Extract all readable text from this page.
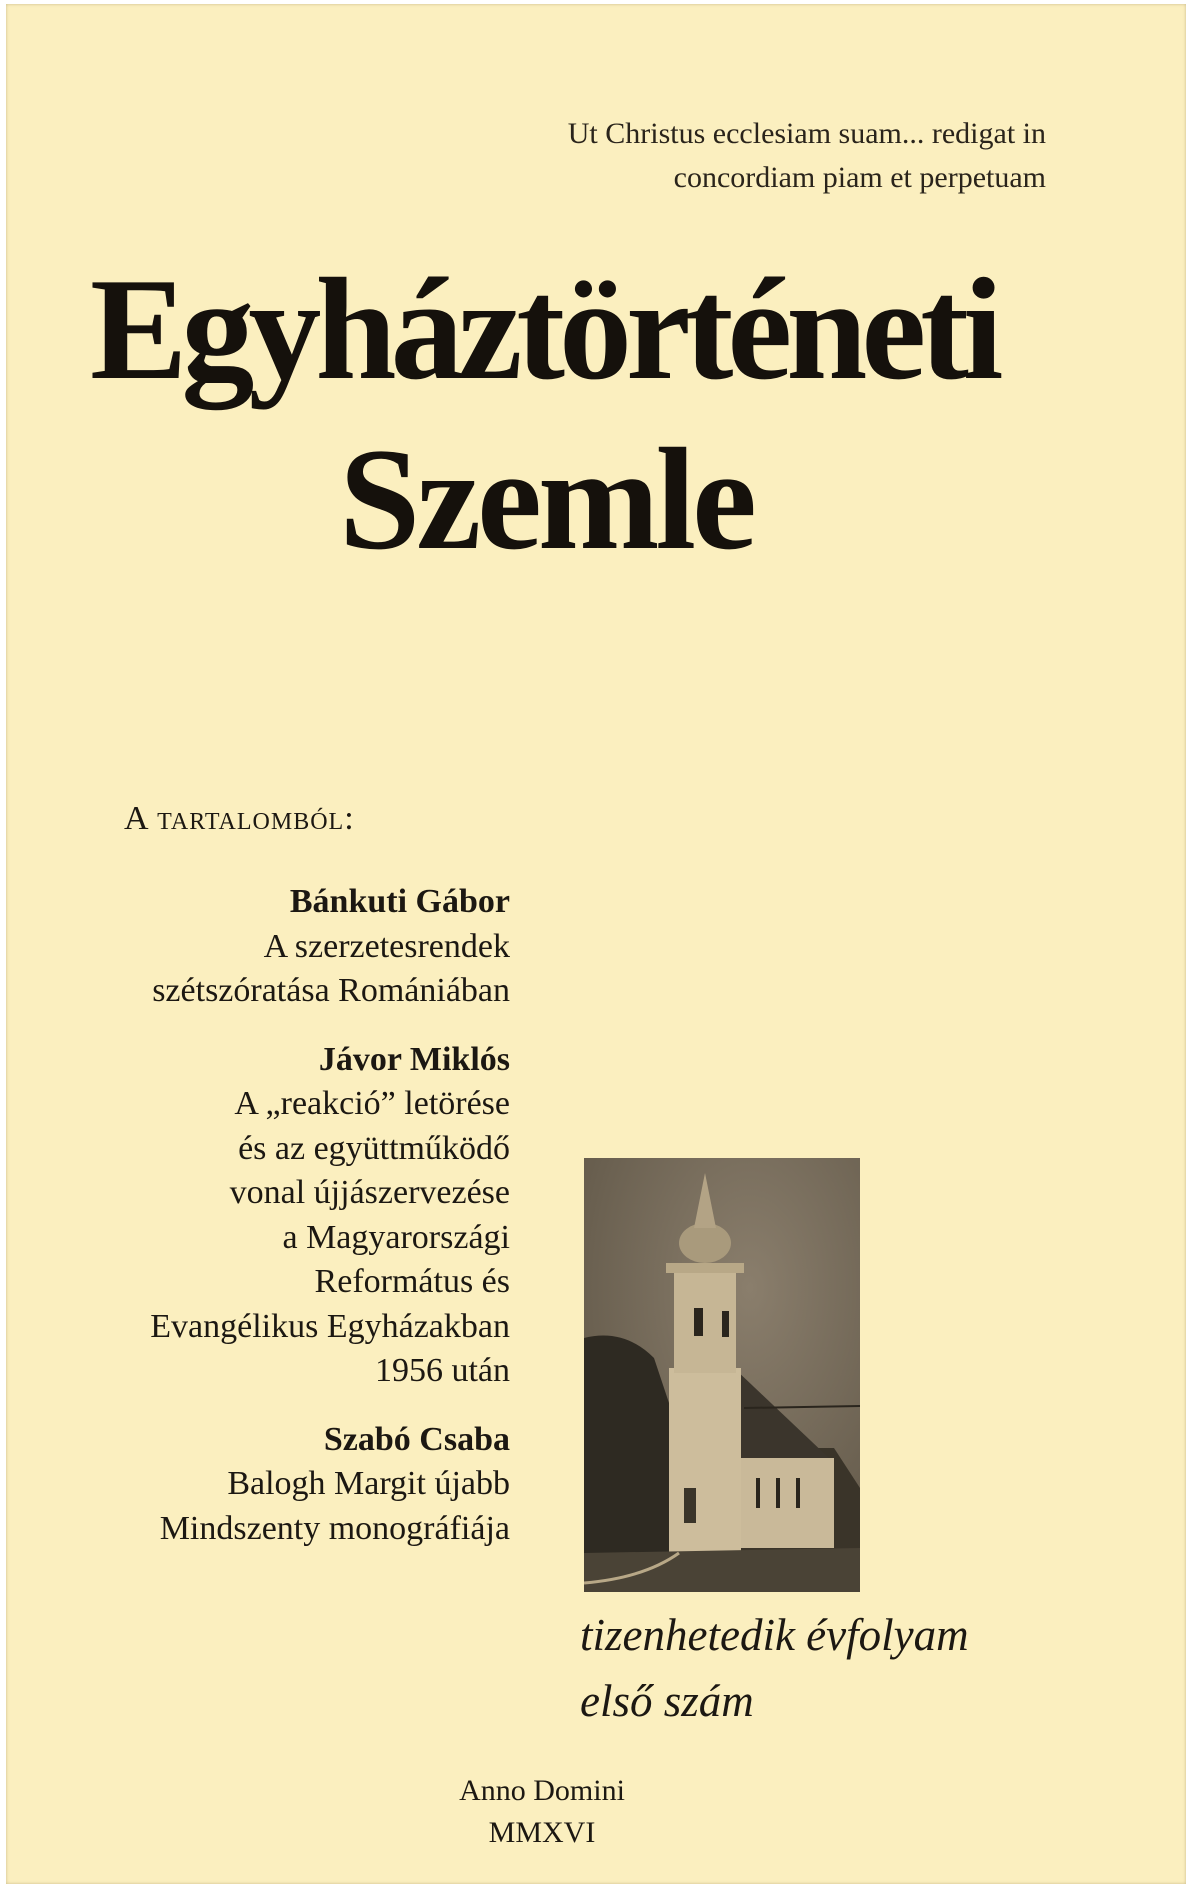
Ut Christus ecclesiam suam... redigat in
concordiam piam et perpetuam
Egyháztörténeti
Szemle
A tartalomból:
Bánkuti Gábor
A szerzetesrendek
szétszóratása Romániában
Jávor Miklós
A „reakció” letörése
és az együttműködő
vonal újjászervezése
a Magyarországi
Református és
Evangélikus Egyházakban
1956 után
Szabó Csaba
Balogh Margit újabb
Mindszenty monográfiája
tizenhetedik évfolyam
első szám
Anno Domini
MMXVI
